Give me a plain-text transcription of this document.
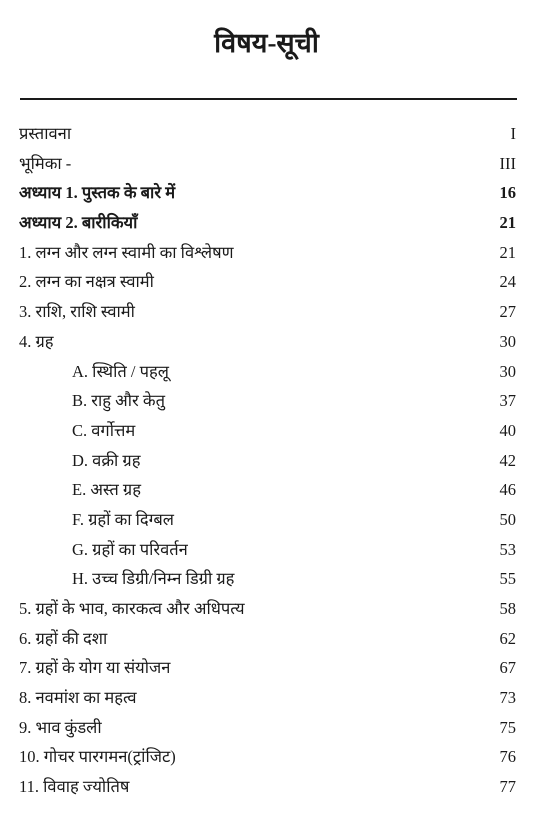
विषय-सूची
प्रस्तावना	I
भूमिका -	III
अध्याय 1. पुस्तक के बारे में	16
अध्याय 2. बारीकियाँ	21
1. लग्न और लग्न स्वामी का विश्लेषण	21
2. लग्न का नक्षत्र स्वामी	24
3. राशि, राशि स्वामी	27
4. ग्रह	30
A. स्थिति / पहलू	30
B. राहु और केतु	37
C. वर्गोत्तम	40
D. वक्री ग्रह	42
E. अस्त ग्रह	46
F. ग्रहों का दिग्बल	50
G. ग्रहों का परिवर्तन	53
H. उच्च डिग्री/निम्न डिग्री ग्रह	55
5. ग्रहों के भाव, कारकत्व और अधिपत्य	58
6. ग्रहों की दशा	62
7. ग्रहों के योग या संयोजन	67
8. नवमांश का महत्व	73
9. भाव कुंडली	75
10. गोचर पारगमन(ट्रांजिट)	76
11. विवाह ज्योतिष	77
